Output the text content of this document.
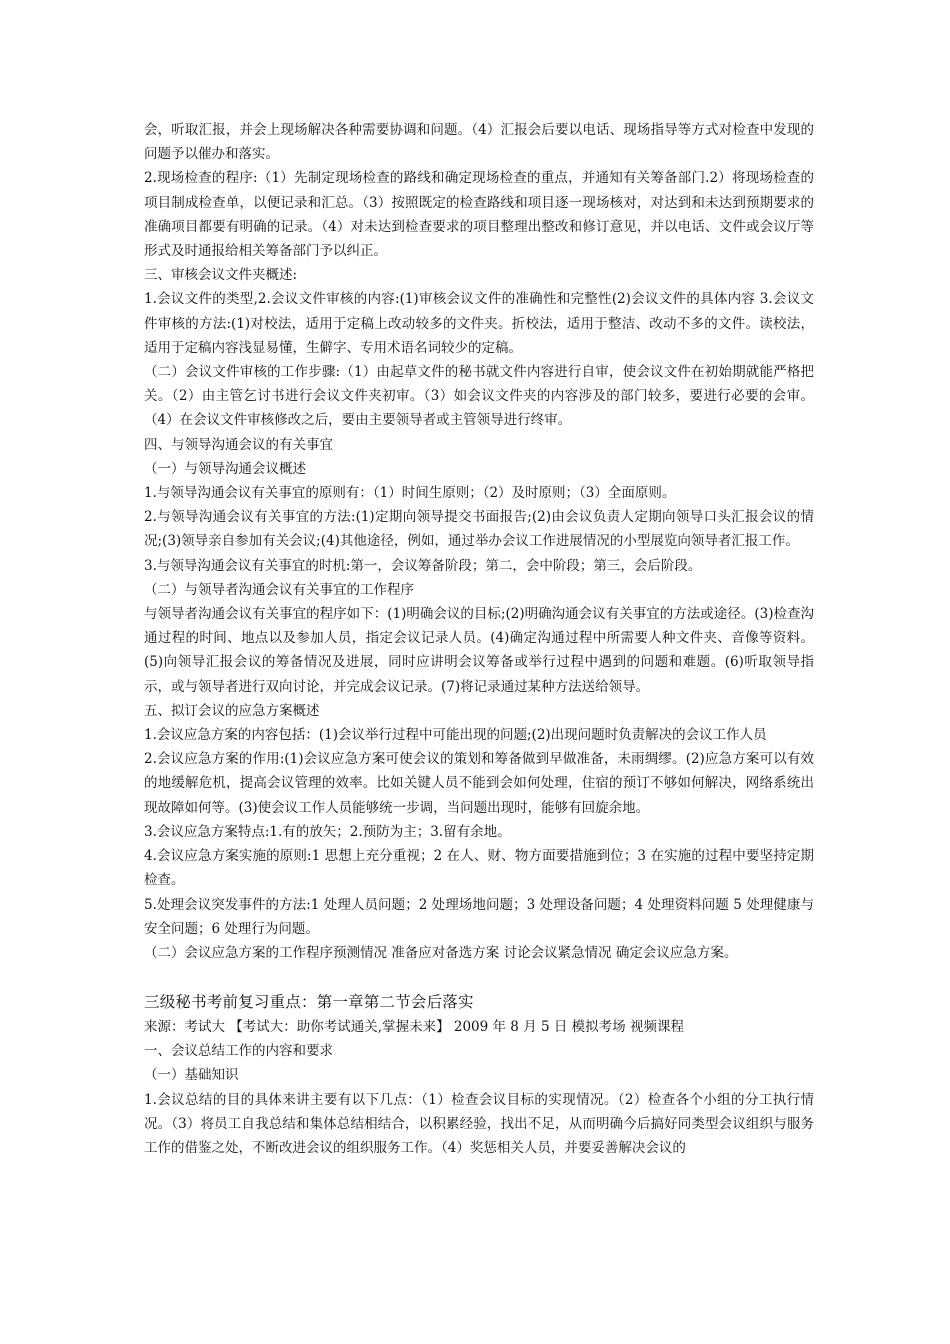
会，听取汇报，并会上现场解决各种需要协调和问题。（4）汇报会后要以电话、现场指导等方式对检查中发现的问题予以催办和落实。

2.现场检查的程序:（1）先制定现场检查的路线和确定现场检查的重点，并通知有关筹备部门.2）将现场检查的项目制成检查单，以便记录和汇总。（3）按照既定的检查路线和项目逐一现场核对，对达到和未达到预期要求的准确项目都要有明确的记录。（4）对未达到检查要求的项目整理出整改和修订意见，并以电话、文件或会议厅等形式及时通报给相关筹备部门予以纠正。

三、审核会议文件夹概述:

1.会议文件的类型,2.会议文件审核的内容:(1)审核会议文件的准确性和完整性(2)会议文件的具体内容 3.会议文件审核的方法:(1)对校法，适用于定稿上改动较多的文件夹。折校法，适用于整洁、改动不多的文件。读校法，适用于定稿内容浅显易懂，生僻字、专用术语名词较少的定稿。

（二）会议文件审核的工作步骤:（1）由起草文件的秘书就文件内容进行自审，使会议文件在初始期就能严格把关。（2）由主管乞讨书进行会议文件夹初审。（3）如会议文件夹的内容涉及的部门较多，要进行必要的会审。（4）在会议文件审核修改之后，要由主要领导者或主管领导进行终审。

四、与领导沟通会议的有关事宜

（一）与领导沟通会议概述

1.与领导沟通会议有关事宜的原则有：（1）时间生原则；（2）及时原则；（3）全面原则。

2.与领导沟通会议有关事宜的方法:(1)定期向领导提交书面报告;(2)由会议负责人定期向领导口头汇报会议的情况;(3)领导亲自参加有关会议;(4)其他途径，例如，通过举办会议工作进展情况的小型展览向领导者汇报工作。

3.与领导沟通会议有关事宜的时机:第一，会议筹备阶段；第二，会中阶段；第三，会后阶段。

（二）与领导者沟通会议有关事宜的工作程序

与领导者沟通会议有关事宜的程序如下：(1)明确会议的目标;(2)明确沟通会议有关事宜的方法或途径。(3)检查沟通过程的时间、地点以及参加人员，指定会议记录人员。(4)确定沟通过程中所需要人种文件夹、音像等资料。(5)向领导汇报会议的筹备情况及进展，同时应讲明会议筹备或举行过程中遇到的问题和难题。(6)听取领导指示，或与领导者进行双向讨论，并完成会议记录。(7)将记录通过某种方法送给领导。

五、拟订会议的应急方案概述

1.会议应急方案的内容包括：(1)会议举行过程中可能出现的问题;(2)出现问题时负责解决的会议工作人员

2.会议应急方案的作用:(1)会议应急方案可使会议的策划和筹备做到早做准备，未雨绸缪。(2)应急方案可以有效的地缓解危机，提高会议管理的效率。比如关键人员不能到会如何处理，住宿的预订不够如何解决，网络系统出现故障如何等。(3)使会议工作人员能够统一步调，当问题出现时，能够有回旋余地。

3.会议应急方案特点:1.有的放矢；2.预防为主；3.留有余地。

4.会议应急方案实施的原则:1 思想上充分重视；2 在人、财、物方面要措施到位；3 在实施的过程中要坚持定期检查。

5.处理会议突发事件的方法:1 处理人员问题；2 处理场地问题；3 处理设备问题；4 处理资料问题 5 处理健康与安全问题；6 处理行为问题。

（二）会议应急方案的工作程序预测情况 准备应对备选方案 讨论会议紧急情况 确定会议应急方案。

三级秘书考前复习重点：第一章第二节会后落实

来源：考试大 【考试大：助你考试通关,掌握未来】 2009 年 8 月 5 日 模拟考场 视频课程

一、会议总结工作的内容和要求

（一）基础知识

1.会议总结的目的具体来讲主要有以下几点：（1）检查会议目标的实现情况。（2）检查各个小组的分工执行情况。（3）将员工自我总结和集体总结相结合，以积累经验，找出不足，从而明确今后搞好同类型会议组织与服务工作的借鉴之处，不断改进会议的组织服务工作。（4）奖惩相关人员，并要妥善解决会议的
